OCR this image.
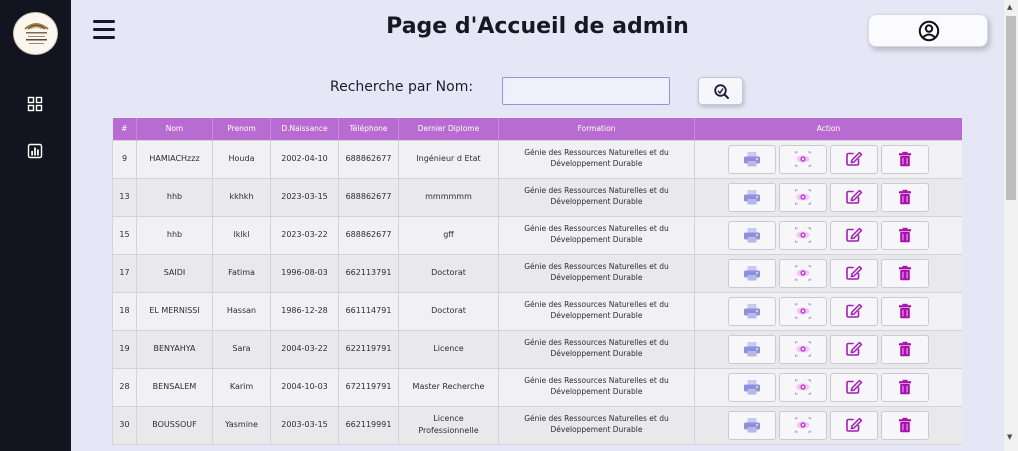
Page d'Accueil de admin
Recherche par Nom:
#	Nom	Prenom	D.Naissance	Téléphone	Dernier Diplome	Formation	Action
9	HAMIACHzzz	Houda	2002-04-10	688862677	Ingénieur d Etat	Génie des Ressources Naturelles et du Développement Durable	

13	hhb	kkhkh	2023-03-15	688862677	mmmmmm	Génie des Ressources Naturelles et du Développement Durable	

15	hhb	lklkl	2023-03-22	688862677	gff	Génie des Ressources Naturelles et du Développement Durable	

17	SAIDI	Fatima	1996-08-03	662113791	Doctorat	Génie des Ressources Naturelles et du Développement Durable	

18	EL MERNISSI	Hassan	1986-12-28	661114791	Doctorat	Génie des Ressources Naturelles et du Développement Durable	

19	BENYAHYA	Sara	2004-03-22	622119791	Licence	Génie des Ressources Naturelles et du Développement Durable	

28	BENSALEM	Karim	2004-10-03	672119791	Master Recherche	Génie des Ressources Naturelles et du Développement Durable	

30	BOUSSOUF	Yasmine	2003-03-15	662119991	Licence Professionnelle	Génie des Ressources Naturelles et du Développement Durable	
▲
▼
